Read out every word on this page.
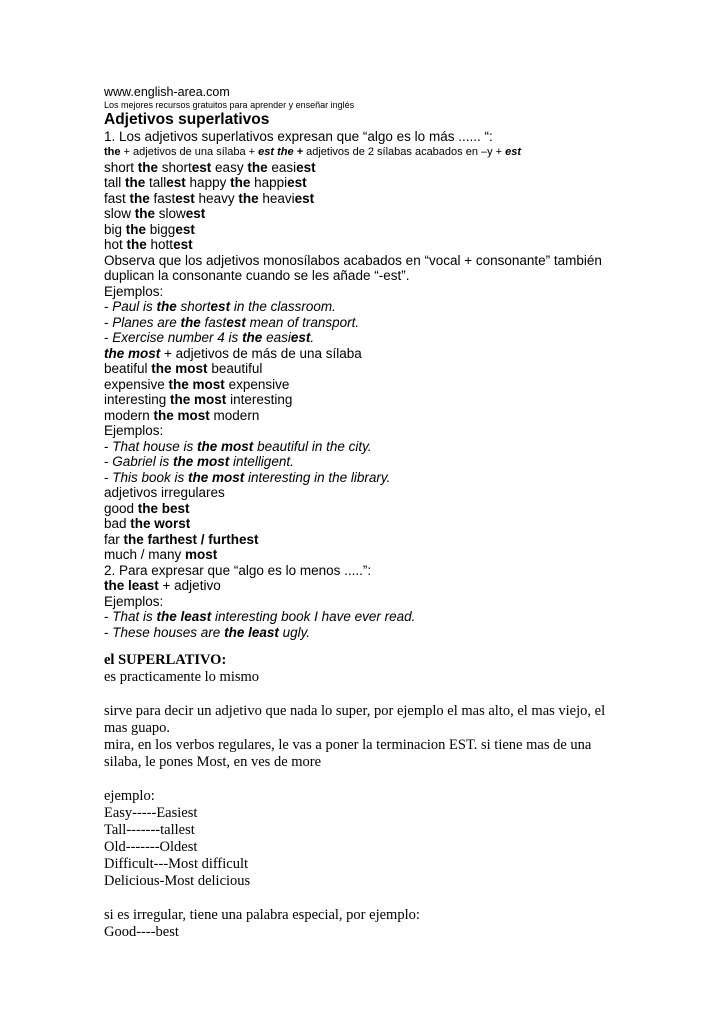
www.english-area.com
Los mejores recursos gratuitos para aprender y enseñar inglés
Adjetivos superlativos
1. Los adjetivos superlativos expresan que “algo es lo más ...... “:
the + adjetivos de una sílaba + est the + adjetivos de 2 sílabas acabados en –y + est
short the shortest easy the easiest
tall the tallest happy the happiest
fast the fastest heavy the heaviest
slow the slowest
big the biggest
hot the hottest
Observa que los adjetivos monosílabos acabados en “vocal + consonante” también
duplican la consonante cuando se les añade “-est”.
Ejemplos:
- Paul is the shortest in the classroom.
- Planes are the fastest mean of transport.
- Exercise number 4 is the easiest.
the most + adjetivos de más de una sílaba
beatiful the most beautiful
expensive the most expensive
interesting the most interesting
modern the most modern
Ejemplos:
- That house is the most beautiful in the city.
- Gabriel is the most intelligent.
- This book is the most interesting in the library.
adjetivos irregulares
good the best
bad the worst
far the farthest / furthest
much / many most
2. Para expresar que “algo es lo menos .....”:
the least + adjetivo
Ejemplos:
- That is the least interesting book I have ever read.
- These houses are the least ugly.
el SUPERLATIVO:
es practicamente lo mismo
sirve para decir un adjetivo que nada lo super, por ejemplo el mas alto, el mas viejo, el
mas guapo.
mira, en los verbos regulares, le vas a poner la terminacion EST. si tiene mas de una
silaba, le pones Most, en ves de more
ejemplo:
Easy-----Easiest
Tall-------tallest
Old-------Oldest
Difficult---Most difficult
Delicious-Most delicious
si es irregular, tiene una palabra especial, por ejemplo:
Good----best
